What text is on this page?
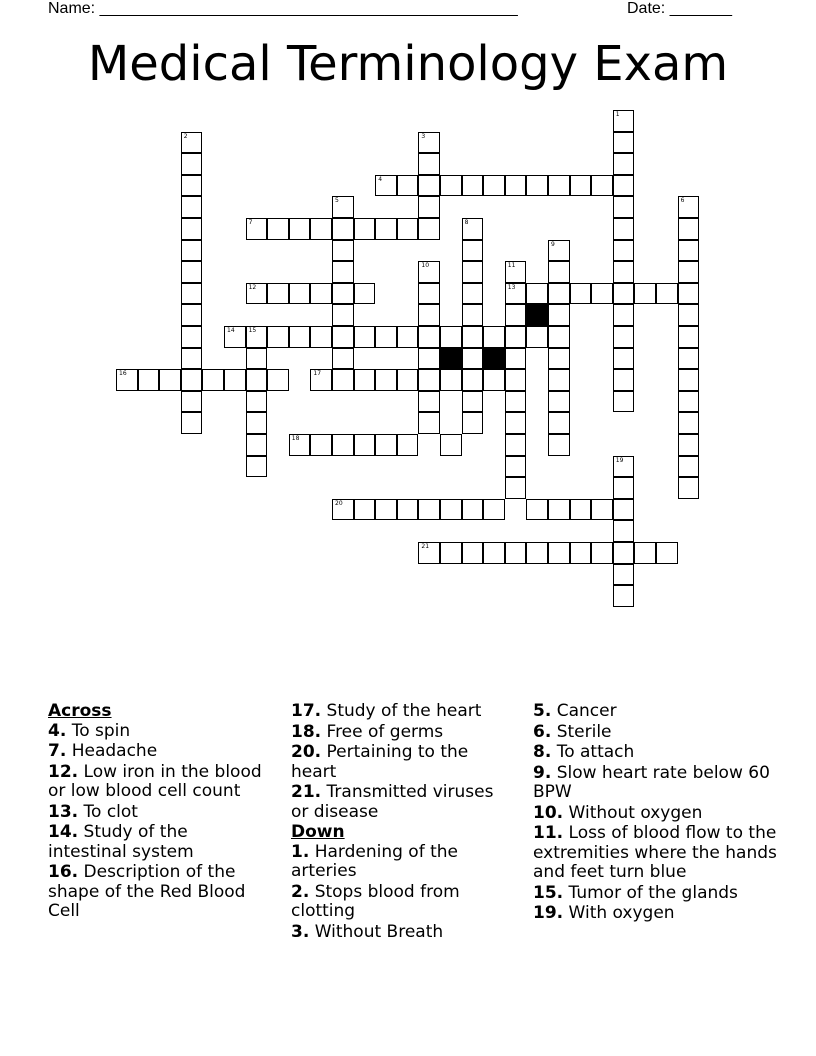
Name: _______________________________________________	Date: _______
Medical Terminology Exam
1
2	3
4
5
7
6
8
9
10	11
13
12
14 15
16	17
18
19
20
21
Across
4. To spin
7. Headache
12. Low iron in the blood or low blood cell count
13. To clot
14. Study of the intestinal system
16. Description of the shape of the Red Blood Cell
17. Study of the heart
18. Free of germs
20. Pertaining to the heart
21. Transmitted viruses or disease
Down
1. Hardening of the arteries
2. Stops blood from clotting
3. Without Breath
5. Cancer
6. Sterile
8. To attach
9. Slow heart rate below 60 BPW
10. Without oxygen
11. Loss of blood flow to the extremities where the hands and feet turn blue
15. Tumor of the glands
19. With oxygen
